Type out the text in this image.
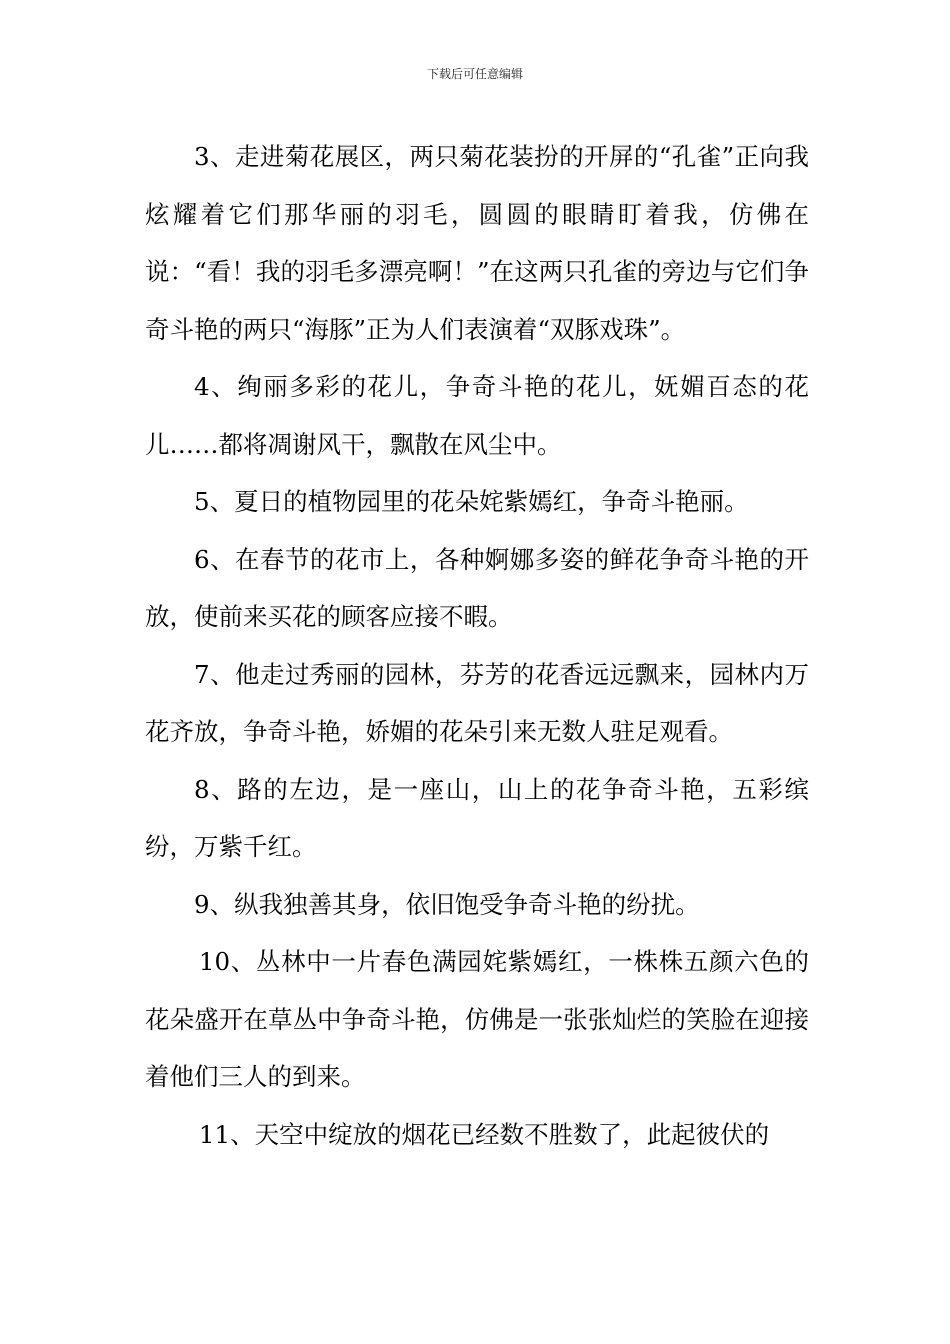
下载后可任意编辑

3、走进菊花展区，两只菊花装扮的开屏的“孔雀”正向我炫耀着它们那华丽的羽毛，圆圆的眼睛盯着我，仿佛在说：“看！我的羽毛多漂亮啊！”在这两只孔雀的旁边与它们争奇斗艳的两只“海豚”正为人们表演着“双豚戏珠”。

4、绚丽多彩的花儿，争奇斗艳的花儿，妩媚百态的花儿……都将凋谢风干，飘散在风尘中。

5、夏日的植物园里的花朵姹紫嫣红，争奇斗艳丽。

6、在春节的花市上，各种婀娜多姿的鲜花争奇斗艳的开放，使前来买花的顾客应接不暇。

7、他走过秀丽的园林，芬芳的花香远远飘来，园林内万花齐放，争奇斗艳，娇媚的花朵引来无数人驻足观看。

8、路的左边，是一座山，山上的花争奇斗艳，五彩缤纷，万紫千红。

9、纵我独善其身，依旧饱受争奇斗艳的纷扰。

10、丛林中一片春色满园姹紫嫣红，一株株五颜六色的花朵盛开在草丛中争奇斗艳，仿佛是一张张灿烂的笑脸在迎接着他们三人的到来。

11、天空中绽放的烟花已经数不胜数了，此起彼伏的
